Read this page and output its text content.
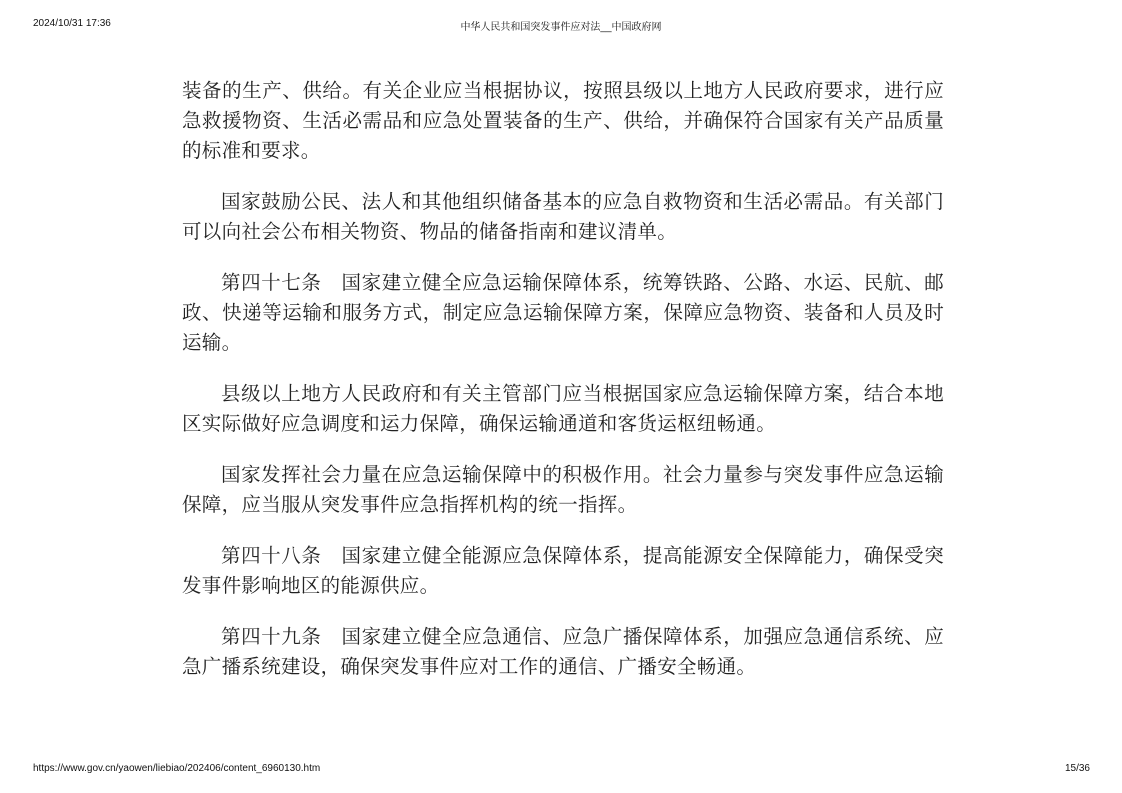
2024/10/31 17:36	中华人民共和国突发事件应对法__中国政府网

装备的生产、供给。有关企业应当根据协议，按照县级以上地方人民政府要求，进行应急救援物资、生活必需品和应急处置装备的生产、供给，并确保符合国家有关产品质量的标准和要求。

国家鼓励公民、法人和其他组织储备基本的应急自救物资和生活必需品。有关部门可以向社会公布相关物资、物品的储备指南和建议清单。

第四十七条　国家建立健全应急运输保障体系，统筹铁路、公路、水运、民航、邮政、快递等运输和服务方式，制定应急运输保障方案，保障应急物资、装备和人员及时运输。

县级以上地方人民政府和有关主管部门应当根据国家应急运输保障方案，结合本地区实际做好应急调度和运力保障，确保运输通道和客货运枢纽畅通。

国家发挥社会力量在应急运输保障中的积极作用。社会力量参与突发事件应急运输保障，应当服从突发事件应急指挥机构的统一指挥。

第四十八条　国家建立健全能源应急保障体系，提高能源安全保障能力，确保受突发事件影响地区的能源供应。

第四十九条　国家建立健全应急通信、应急广播保障体系，加强应急通信系统、应急广播系统建设，确保突发事件应对工作的通信、广播安全畅通。

https://www.gov.cn/yaowen/liebiao/202406/content_6960130.htm	15/36
